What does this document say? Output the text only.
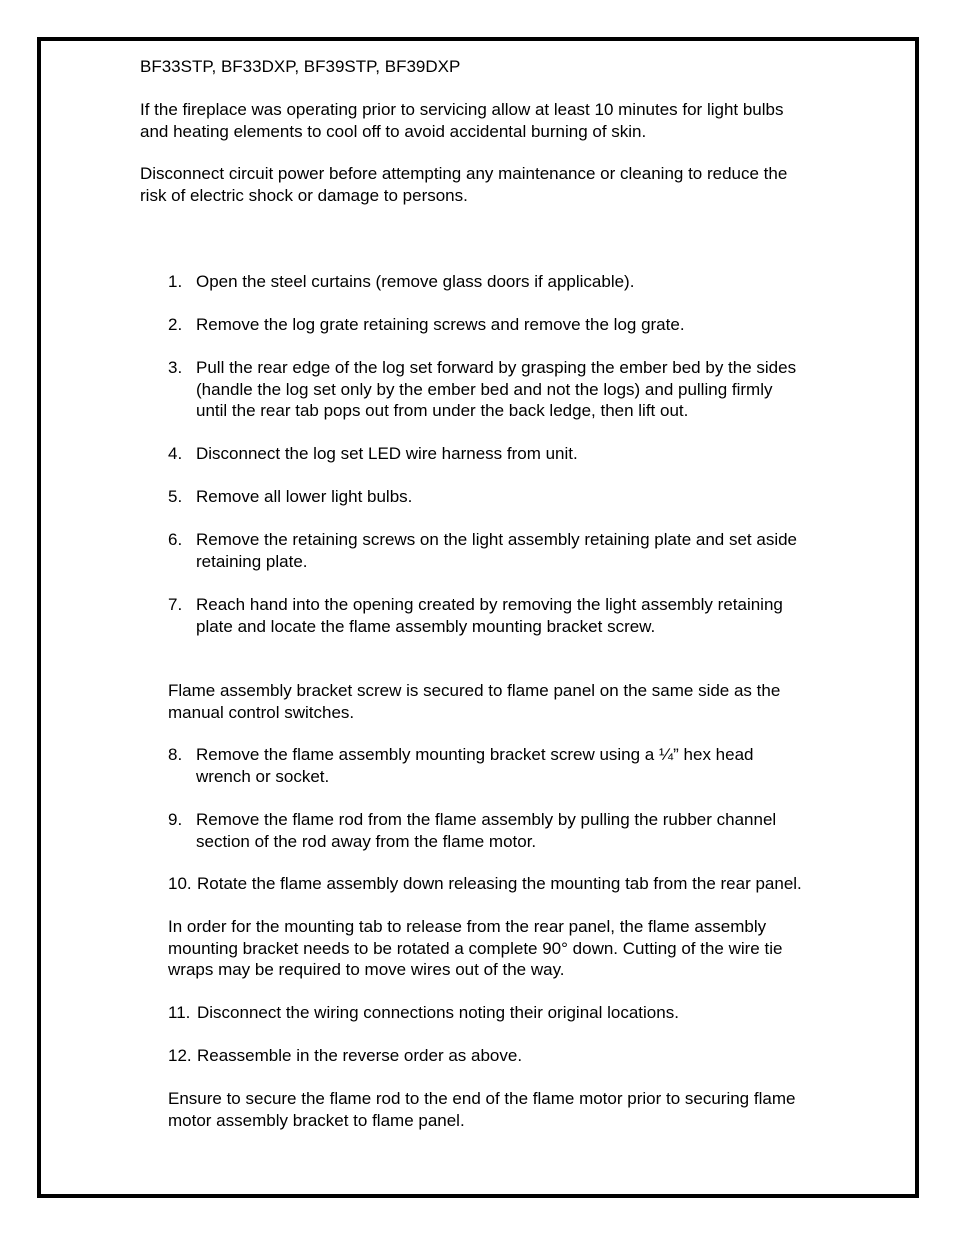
BF33STP, BF33DXP, BF39STP, BF39DXP
If the fireplace was operating prior to servicing allow at least 10 minutes for light bulbs
and heating elements to cool off to avoid accidental burning of skin.
Disconnect circuit power before attempting any maintenance or cleaning to reduce the
risk of electric shock or damage to persons.
1. Open the steel curtains (remove glass doors if applicable).
2. Remove the log grate retaining screws and remove the log grate.
3. Pull the rear edge of the log set forward by grasping the ember bed by the sides
(handle the log set only by the ember bed and not the logs) and pulling firmly
until the rear tab pops out from under the back ledge, then lift out.
4. Disconnect the log set LED wire harness from unit.
5. Remove all lower light bulbs.
6. Remove the retaining screws on the light assembly retaining plate and set aside
retaining plate.
7. Reach hand into the opening created by removing the light assembly retaining
plate and locate the flame assembly mounting bracket screw.
Flame assembly bracket screw is secured to flame panel on the same side as the
manual control switches.
8. Remove the flame assembly mounting bracket screw using a ¼” hex head
wrench or socket.
9. Remove the flame rod from the flame assembly by pulling the rubber channel
section of the rod away from the flame motor.
10. Rotate the flame assembly down releasing the mounting tab from the rear panel.
In order for the mounting tab to release from the rear panel, the flame assembly
mounting bracket needs to be rotated a complete 90° down. Cutting of the wire tie
wraps may be required to move wires out of the way.
11. Disconnect the wiring connections noting their original locations.
12. Reassemble in the reverse order as above.
Ensure to secure the flame rod to the end of the flame motor prior to securing flame
motor assembly bracket to flame panel.
